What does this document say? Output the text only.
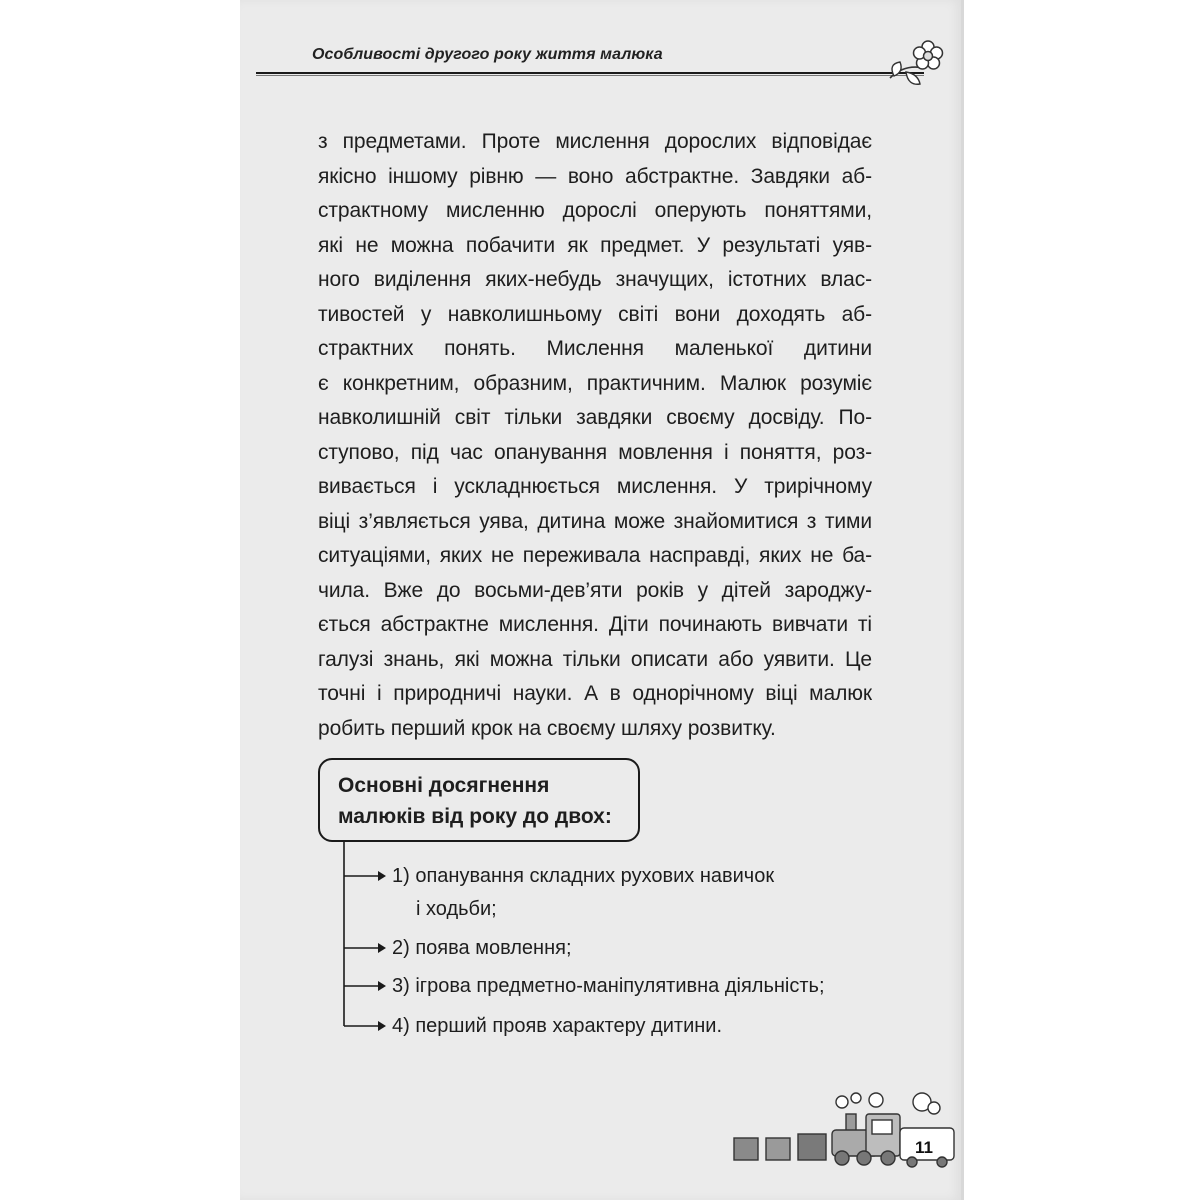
Особливості другого року життя малюка
з предметами. Проте мислення дорослих відповідає
якісно іншому рівню — воно абстрактне. Завдяки аб-
страктному мисленню дорослі оперують поняттями,
які не можна побачити як предмет. У результаті уяв-
ного виділення яких-небудь значущих, істотних влас-
тивостей у навколишньому світі вони доходять аб-
страктних понять. Мислення маленької дитини
є конкретним, образним, практичним. Малюк розуміє
навколишній світ тільки завдяки своєму досвіду. По-
ступово, під час опанування мовлення і поняття, роз-
вивається і ускладнюється мислення. У трирічному
віці з’являється уява, дитина може знайомитися з тими
ситуаціями, яких не переживала насправді, яких не ба-
чила. Вже до восьми-дев’яти років у дітей зароджу-
ється абстрактне мислення. Діти починають вивчати ті
галузі знань, які можна тільки описати або уявити. Це
точні і природничі науки. А в однорічному віці малюк
робить перший крок на своєму шляху розвитку.
Основні досягнення
малюків від року до двох:
1) опанування складних рухових навичок
і ходьби;
2) поява мовлення;
3) ігрова предметно-маніпулятивна діяльність;
4) перший прояв характеру дитини.
11
